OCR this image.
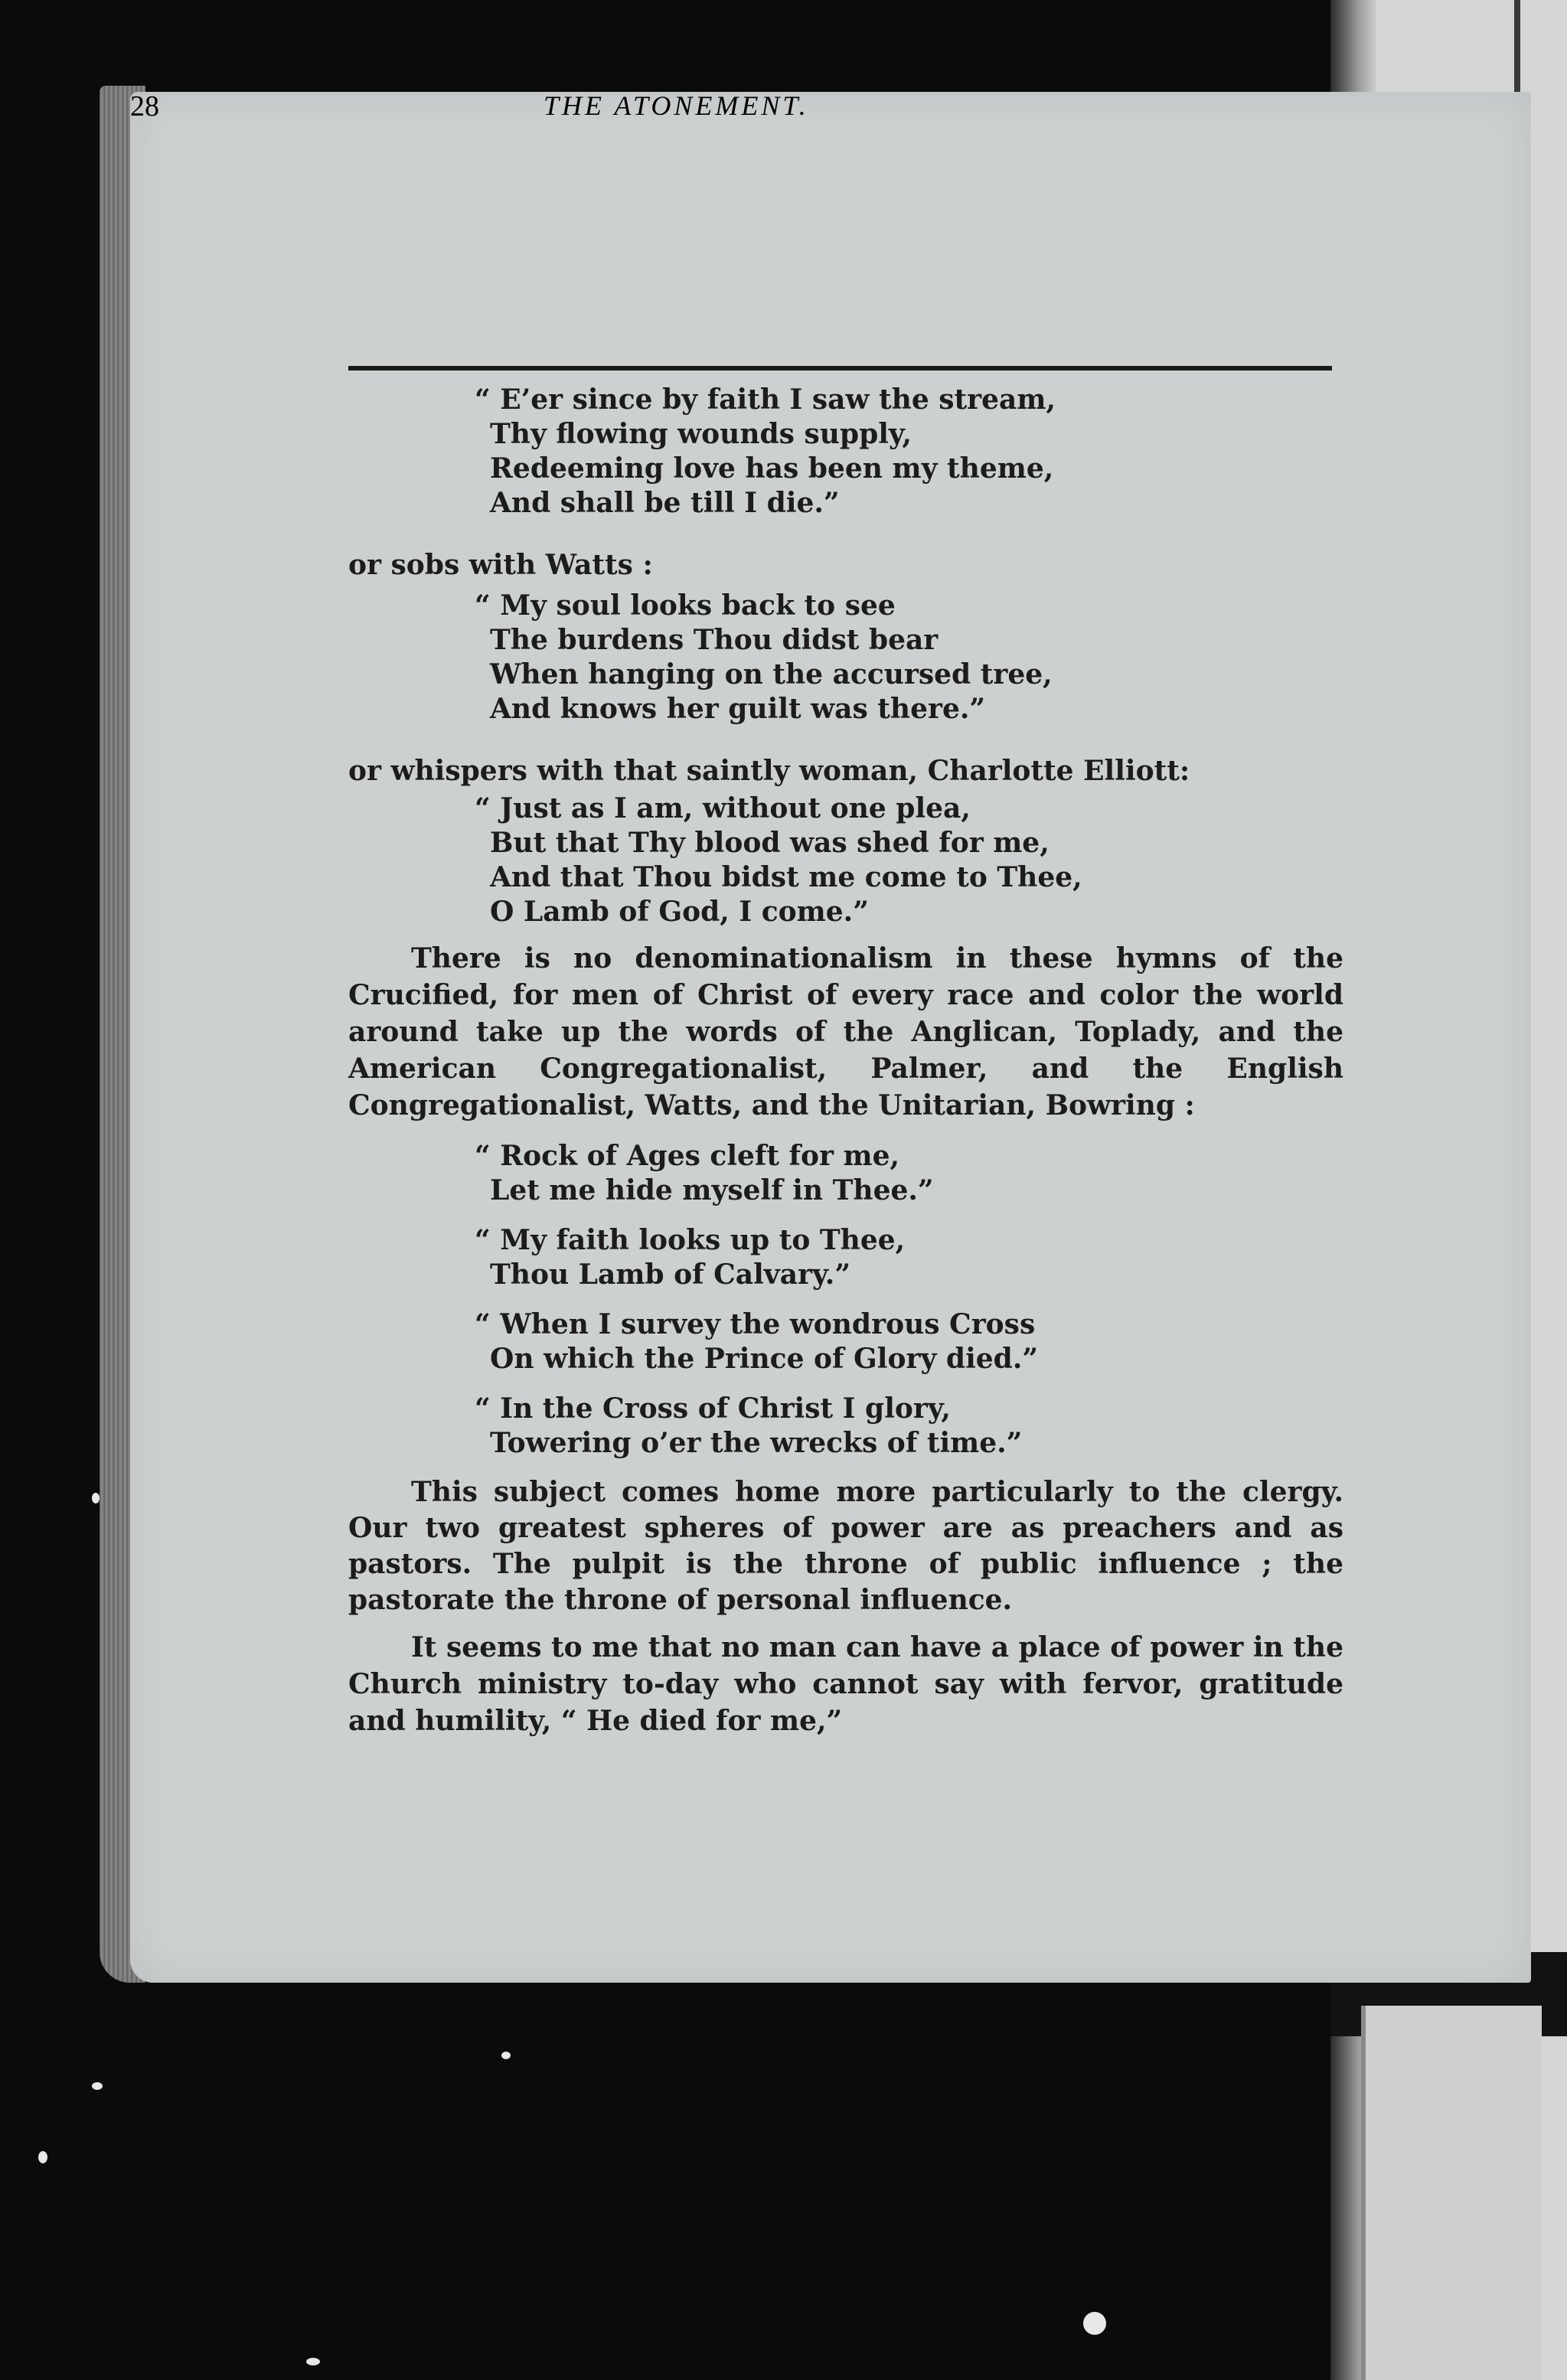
28	THE ATONEMENT.
“ E’er since by faith I saw the stream,
Thy flowing wounds supply,
Redeeming love has been my theme,
And shall be till I die.”

or sobs with Watts :

“ My soul looks back to see
The burdens Thou didst bear
When hanging on the accursed tree,
And knows her guilt was there.”

or whispers with that saintly woman, Charlotte Elliott:

“ Just as I am, without one plea,
But that Thy blood was shed for me,
And that Thou bidst me come to Thee,
O Lamb of God, I come.”

There is no denominationalism in these hymns of the Crucified, for men of Christ of every race and color the world around take up the words of the Anglican, Toplady, and the American Congregationalist, Palmer, and the English Congregationalist, Watts, and the Unitarian, Bowring :

“ Rock of Ages cleft for me,
Let me hide myself in Thee.”
“ My faith looks up to Thee,
Thou Lamb of Calvary.”
“ When I survey the wondrous Cross
On which the Prince of Glory died.”
“ In the Cross of Christ I glory,
Towering o’er the wrecks of time.”

This subject comes home more particularly to the clergy. Our two greatest spheres of power are as preachers and as pastors. The pulpit is the throne of public influence ; the pastorate the throne of personal influence.

It seems to me that no man can have a place of power in the Church ministry to-day who cannot say with fervor, gratitude and humility, “ He died for me,”
